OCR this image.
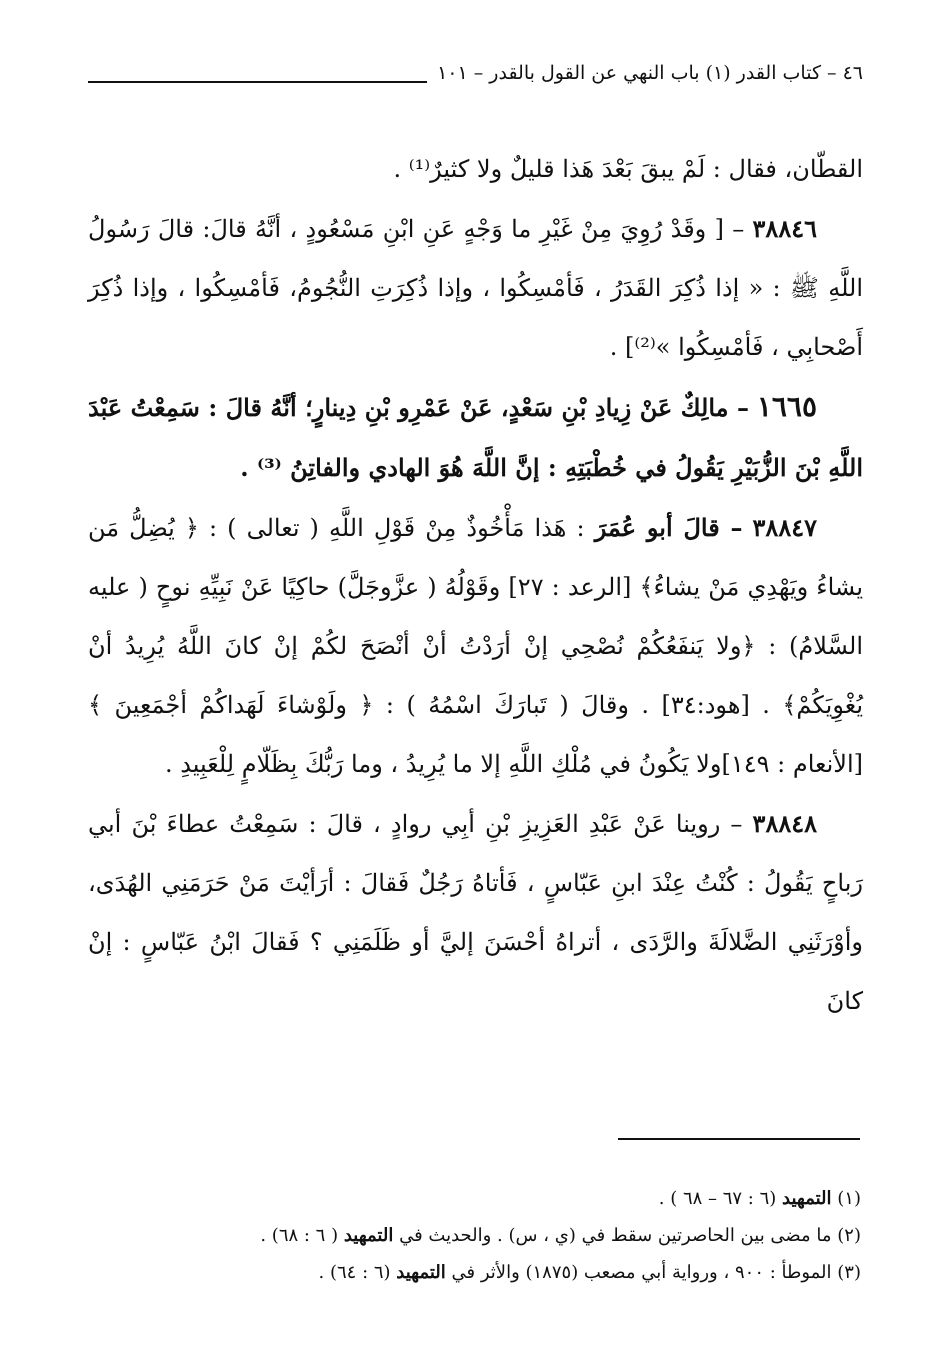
٤٦ – كتاب القدر (١) باب النهي عن القول بالقدر – ١٠١

القطّان، فقال : لَمْ يبقَ بَعْدَ هَذا قليلٌ ولا كثيرٌ⁽¹⁾ .

٣٨٨٤٦ – [ وقَدْ رُوِيَ مِنْ غَيْرِ ما وَجْهٍ عَنِ ابْنِ مَسْعُودٍ ، أنَّهُ قالَ: قالَ رَسُولُ اللَّهِ ﷺ : « إذا ذُكِرَ القَدَرُ ، فَأمْسِكُوا ، وإذا ذُكِرَتِ النُّجُومُ، فَأمْسِكُوا ، وإذا ذُكِرَ أَصْحابِي ، فَأمْسِكُوا »⁽²⁾] .

١٦٦٥ – مالِكٌ عَنْ زِيادِ بْنِ سَعْدٍ، عَنْ عَمْرِو بْنِ دِينارٍ؛ أنَّهُ قالَ : سَمِعْتُ عَبْدَ اللَّهِ بْنَ الزُّبَيْرِ يَقُولُ في خُطْبَتِهِ : إنَّ اللَّهَ هُوَ الهادي والفاتِنُ ⁽³⁾ .

٣٨٨٤٧ – قالَ أبو عُمَرَ : هَذا مَأْخُوذٌ مِنْ قَوْلِ اللَّهِ ( تعالى ) : ﴿ يُضِلُّ مَن يشاءُ ويَهْدِي مَنْ يشاءُ﴾ [الرعد : ٢٧] وقَوْلُهُ ( عزَّوجَلَّ) حاكِيًا عَنْ نَبِيِّهِ نوحٍ ( عليه السَّلامُ) : ﴿ولا يَنفَعُكُمْ نُصْحِي إنْ أرَدْتُ أنْ أنْصَحَ لكُمْ إنْ كانَ اللَّهُ يُرِيدُ أنْ يُغْوِيَكُمْ﴾ . [هود:٣٤] . وقالَ ( تَبارَكَ اسْمُهُ ) : ﴿ ولَوْشاءَ لَهَداكُمْ أجْمَعِينَ ﴾ [الأنعام : ١٤٩]ولا يَكُونُ في مُلْكِ اللَّهِ إلا ما يُرِيدُ ، وما رَبُّكَ بِظَلّامٍ لِلْعَبِيدِ .

٣٨٨٤٨ – روينا عَنْ عَبْدِ العَزِيزِ بْنِ أبِي روادٍ ، قالَ : سَمِعْتُ عطاءَ بْنَ أبي رَباحٍ يَقُولُ : كُنْتُ عِنْدَ ابنِ عَبّاسٍ ، فَأتاهُ رَجُلٌ فَقالَ : أرَأيْتَ مَنْ حَرَمَنِي الهُدَى، وأوْرَثَنِي الضَّلالَةَ والرَّدَى ، أتراهُ أحْسَنَ إليَّ أو ظَلَمَنِي ؟ فَقالَ ابْنُ عَبّاسٍ : إنْ كانَ

(١) التمهيد (٦ : ٦٧ – ٦٨ ) .

(٢) ما مضى بين الحاصرتين سقط في (ي ، س) . والحديث في التمهيد ( ٦ : ٦٨) .

(٣) الموطأ : ٩٠٠ ، ورواية أبي مصعب (١٨٧٥) والأثر في التمهيد (٦ : ٦٤) .
